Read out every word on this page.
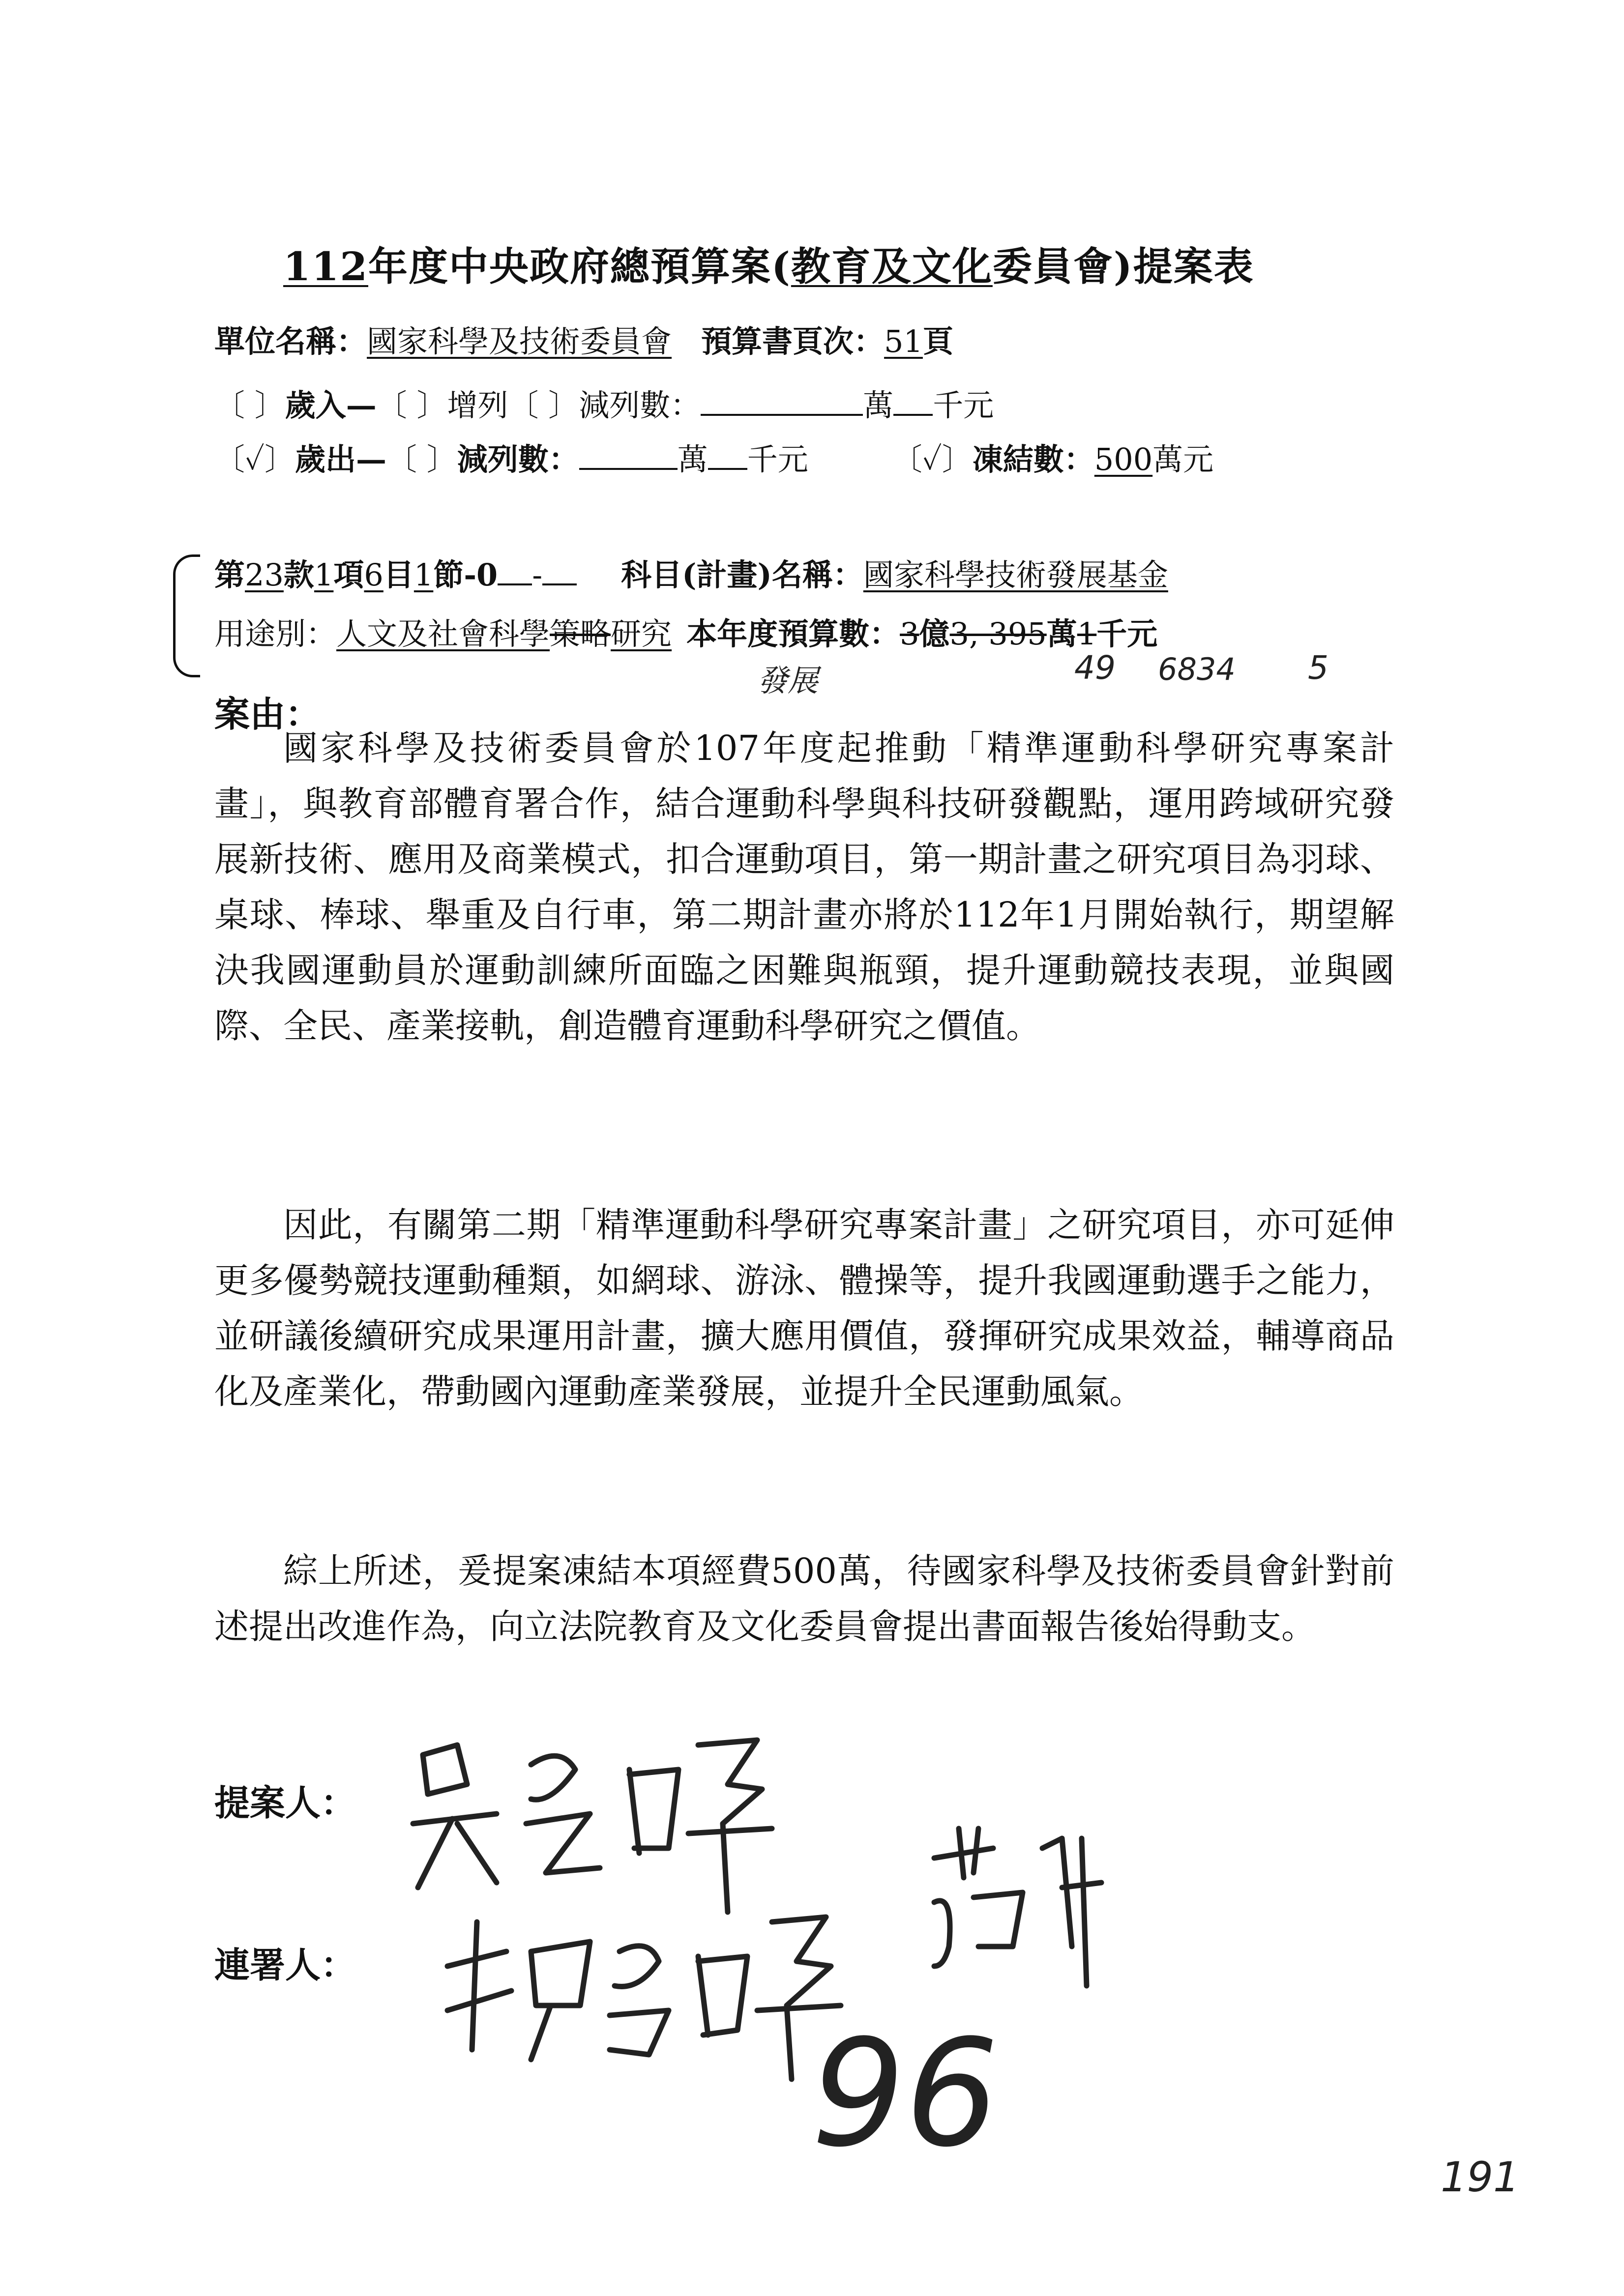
112年度中央政府總預算案(教育及文化委員會)提案表
單位名稱：國家科學及技術委員會 預算書頁次：51頁
〔 〕歲入—〔 〕增列〔 〕減列數：	萬 千元
〔✓〕歲出—〔 〕減列數：	萬 千元	〔✓〕凍結數：500萬元
第23款1項6目1節-0 -	科目(計畫)名稱：國家科學技術發展基金
用途別：人文及社會科學策略研究 本年度預算數：3億3, 395萬1千元
發展	49 6834 5
案由：

國家科學及技術委員會於107年度起推動「精準運動科學研究專案計畫」，與教育部體育署合作，結合運動科學與科技研發觀點，運用跨域研究發展新技術、應用及商業模式，扣合運動項目，第一期計畫之研究項目為羽球、桌球、棒球、舉重及自行車，第二期計畫亦將於112年1月開始執行，期望解決我國運動員於運動訓練所面臨之困難與瓶頸，提升運動競技表現，並與國際、全民、產業接軌，創造體育運動科學研究之價值。

因此，有關第二期「精準運動科學研究專案計畫」之研究項目，亦可延伸更多優勢競技運動種類，如網球、游泳、體操等，提升我國運動選手之能力，並研議後續研究成果運用計畫，擴大應用價值，發揮研究成果效益，輔導商品化及產業化，帶動國內運動產業發展，並提升全民運動風氣。

綜上所述，爰提案凍結本項經費500萬，待國家科學及技術委員會針對前述提出改進作為，向立法院教育及文化委員會提出書面報告後始得動支。

提案人：
連署人：
96	191
